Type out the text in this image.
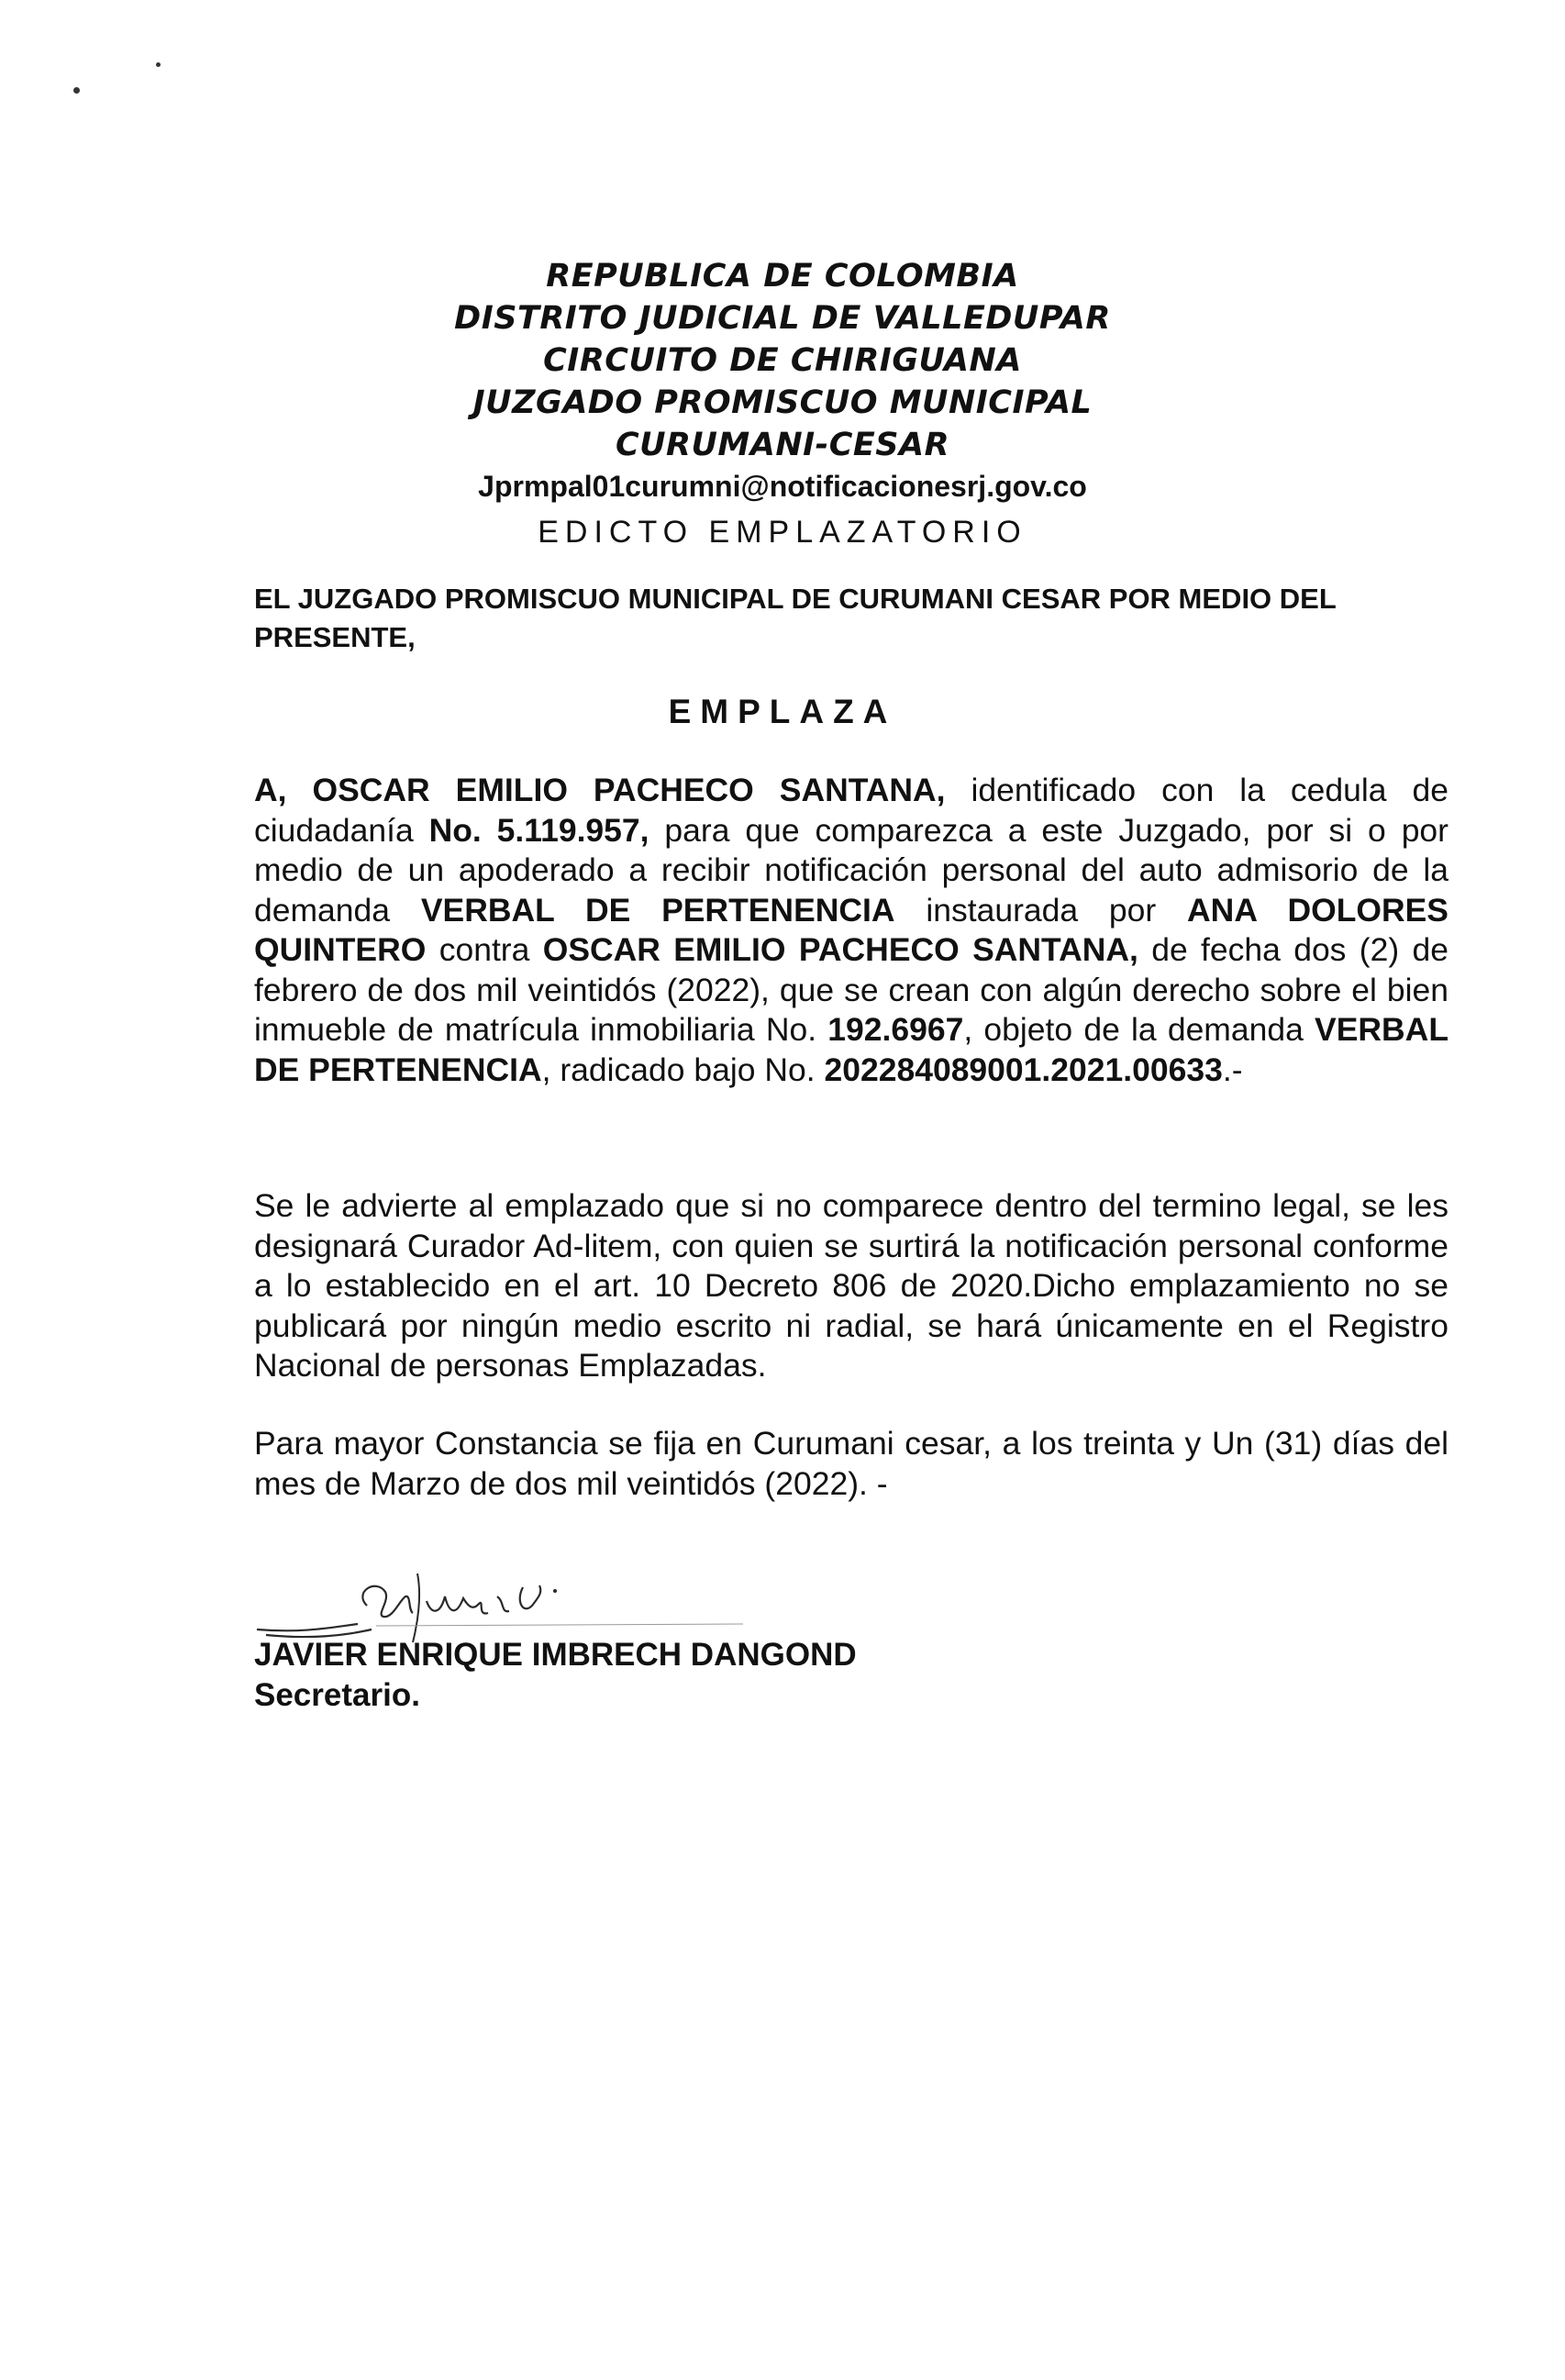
REPUBLICA DE COLOMBIA

DISTRITO JUDICIAL DE VALLEDUPAR

CIRCUITO DE CHIRIGUANA

JUZGADO PROMISCUO MUNICIPAL

CURUMANI-CESAR

Jprmpal01curumni@notificacionesrj.gov.co

EDICTO EMPLAZATORIO
EL JUZGADO PROMISCUO MUNICIPAL DE CURUMANI CESAR POR MEDIO DEL PRESENTE,
EMPLAZA
A, OSCAR EMILIO PACHECO SANTANA, identificado con la cedula de ciudadanía No. 5.119.957, para que comparezca a este Juzgado, por si o por medio de un apoderado a recibir notificación personal del auto admisorio de la demanda VERBAL DE PERTENENCIA instaurada por ANA DOLORES QUINTERO contra OSCAR EMILIO PACHECO SANTANA, de fecha dos (2) de febrero de dos mil veintidós (2022), que se crean con algún derecho sobre el bien inmueble de matrícula inmobiliaria No. 192.6967, objeto de la demanda VERBAL DE PERTENENCIA, radicado bajo No. 202284089001.2021.00633.-
Se le advierte al emplazado que si no comparece dentro del termino legal, se les designará Curador Ad-litem, con quien se surtirá la notificación personal conforme a lo establecido en el art. 10 Decreto 806 de 2020.Dicho emplazamiento no se publicará por ningún medio escrito ni radial, se hará únicamente en el Registro Nacional de personas Emplazadas.
Para mayor Constancia se fija en Curumani cesar, a los treinta y Un (31) días del mes de Marzo de dos mil veintidós (2022). -
JAVIER ENRIQUE IMBRECH DANGOND
Secretario.
